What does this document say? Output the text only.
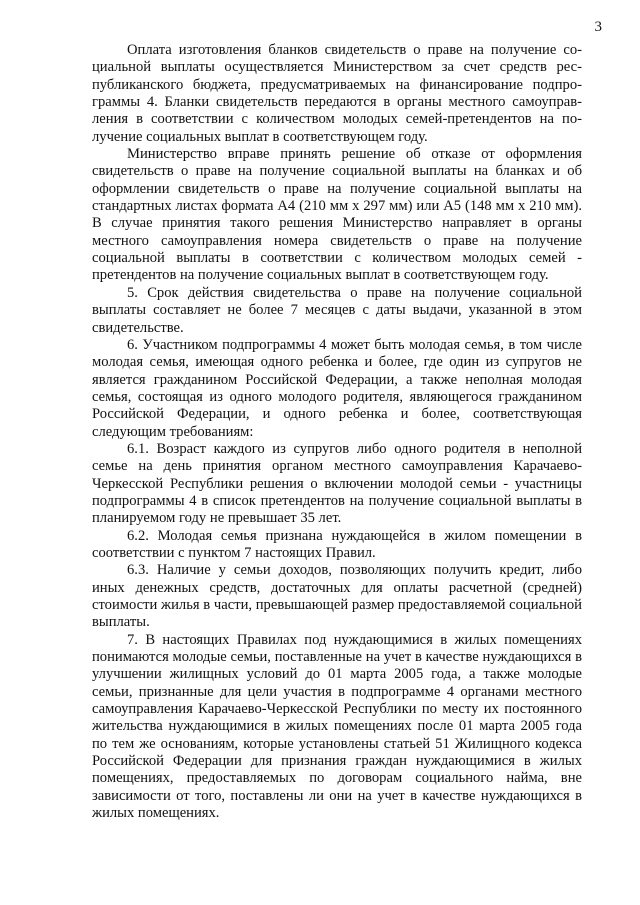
3

Оплата изготовления бланков свидетельств о праве на получение социальной выплаты осуществляется Министерством за счет средств республиканского бюджета, предусматриваемых на финансирование подпрограммы 4. Бланки свидетельств передаются в органы местного самоуправления в соответствии с количеством молодых семей-претендентов на получение социальных выплат в соответствующем году.

Министерство вправе принять решение об отказе от оформления свидетельств о праве на получение социальной выплаты на бланках и об оформлении свидетельств о праве на получение социальной выплаты на стандартных листах формата А4 (210 мм х 297 мм) или А5 (148 мм х 210 мм). В случае принятия такого решения Министерство направляет в органы местного самоуправления номера свидетельств о праве на получение социальной выплаты в соответствии с количеством молодых семей - претендентов на получение социальных выплат в соответствующем году.

5. Срок действия свидетельства о праве на получение социальной выплаты составляет не более 7 месяцев с даты выдачи, указанной в этом свидетельстве.

6. Участником подпрограммы 4 может быть молодая семья, в том числе молодая семья, имеющая одного ребенка и более, где один из супругов не является гражданином Российской Федерации, а также неполная молодая семья, состоящая из одного молодого родителя, являющегося гражданином Российской Федерации, и одного ребенка и более, соответствующая следующим требованиям:

6.1. Возраст каждого из супругов либо одного родителя в неполной семье на день принятия органом местного самоуправления Карачаево-Черкесской Республики решения о включении молодой семьи - участницы подпрограммы 4 в список претендентов на получение социальной выплаты в планируемом году не превышает 35 лет.

6.2. Молодая семья признана нуждающейся в жилом помещении в соответствии с пунктом 7 настоящих Правил.

6.3. Наличие у семьи доходов, позволяющих получить кредит, либо иных денежных средств, достаточных для оплаты расчетной (средней) стоимости жилья в части, превышающей размер предоставляемой социальной выплаты.

7. В настоящих Правилах под нуждающимися в жилых помещениях понимаются молодые семьи, поставленные на учет в качестве нуждающихся в улучшении жилищных условий до 01 марта 2005 года, а также молодые семьи, признанные для цели участия в подпрограмме 4 органами местного самоуправления Карачаево-Черкесской Республики по месту их постоянного жительства нуждающимися в жилых помещениях после 01 марта 2005 года по тем же основаниям, которые установлены статьей 51 Жилищного кодекса Российской Федерации для признания граждан нуждающимися в жилых помещениях, предоставляемых по договорам социального найма, вне зависимости от того, поставлены ли они на учет в качестве нуждающихся в жилых помещениях.
